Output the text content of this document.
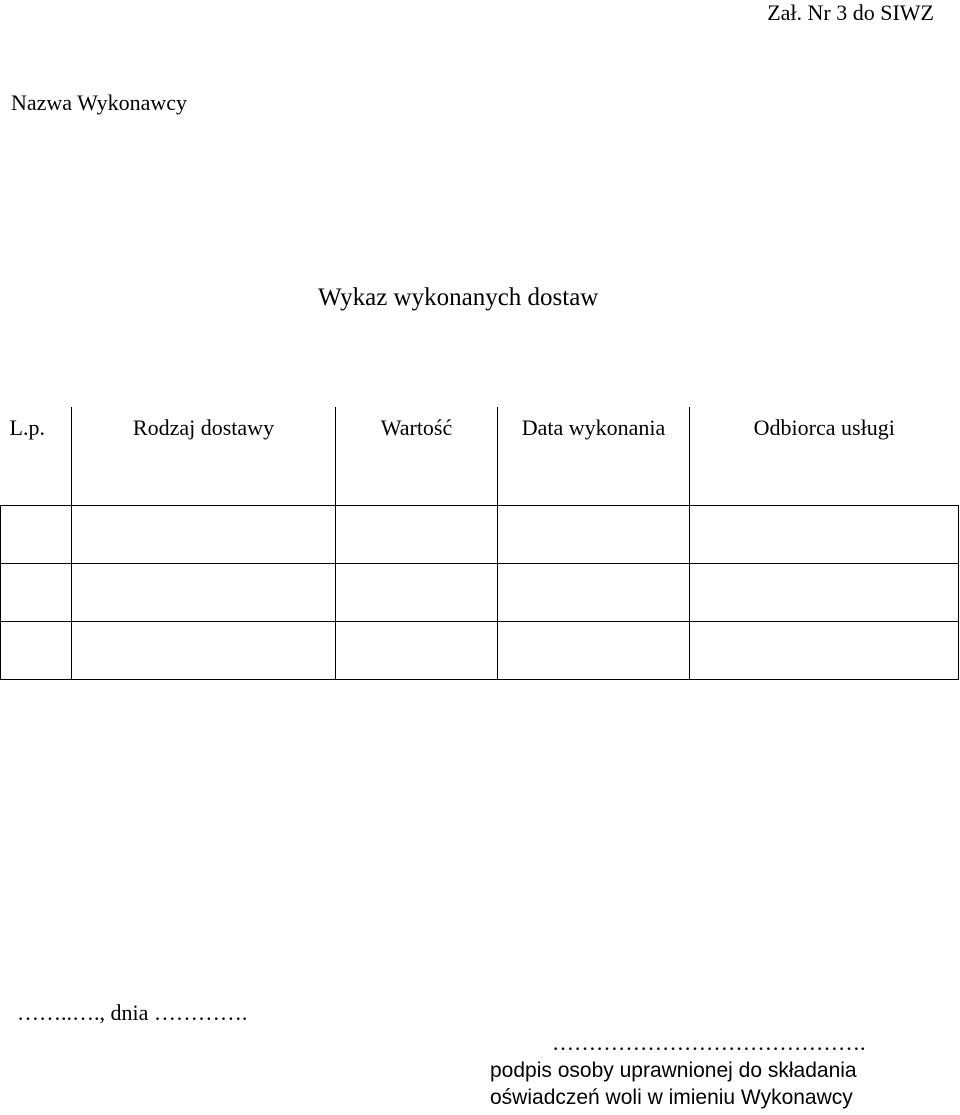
Zał. Nr 3 do SIWZ
Nazwa Wykonawcy
Wykaz wykonanych dostaw
L.p.	Rodzaj dostawy	Wartość	Data wykonania	Odbiorca usługi

……..…., dnia ………….
…………………………………….
podpis osoby uprawnionej do składania
oświadczeń woli w imieniu Wykonawcy
